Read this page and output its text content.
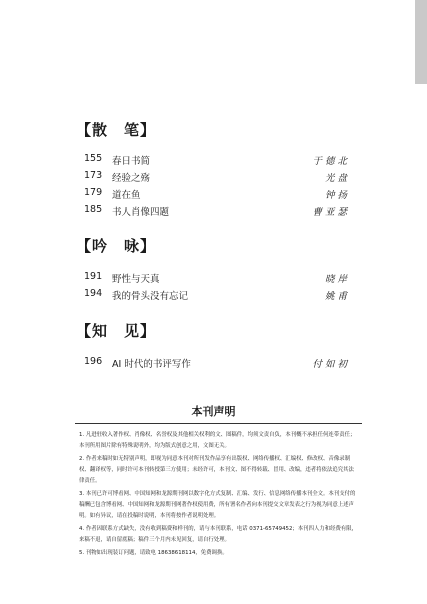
【散　笔】
155 春日书简	于德北
173 经验之殇	光盘
179 道在鱼	钟扬
185 书人肖像四题	曹亚瑟
【吟　咏】
191 野性与天真	晓岸
194 我的骨头没有忘记	姚甫
【知　见】
196 AI 时代的书评写作	付如初
本刊声明

1. 凡进驻收入著作权、肖像权、名誉权及其他相关权利的文、图稿件，均须文责自负，本刊概不承担任何连带责任；本刊所用图片除有特殊说明外，均为版式创意之用，文图无关。

2. 作者来稿时如无特别声明，即视为同意本刊对所刊发作品享有出版权、网络传播权、汇编权、修改权、音像录制权、翻译权等，同时许可本刊转授第三方使用；未经许可，本刊文、图不得转载、冒用、改编，违者将依法追究其法律责任。

3. 本刊已许可博看网、中国知网和龙源期刊网以数字化方式复制、汇编、发行、信息网络传播本刊全文。本刊支付的稿酬已包含博看网、中国知网和龙源期刊网著作权使用费，所有署名作者向本刊提交文章发表之行为视为同意上述声明。如有异议，请在投稿时说明，本刊将按作者说明处理。

4. 作者因联系方式缺失，没有收到稿费和样刊的，请与本刊联系，电话 0371-65749452；本刊四人力和经费有限，来稿不退，请自留底稿；稿件三个月内未见回复，请自行处理。

5. 刊物如出现装订问题，请致电 18638618114，免费调换。
